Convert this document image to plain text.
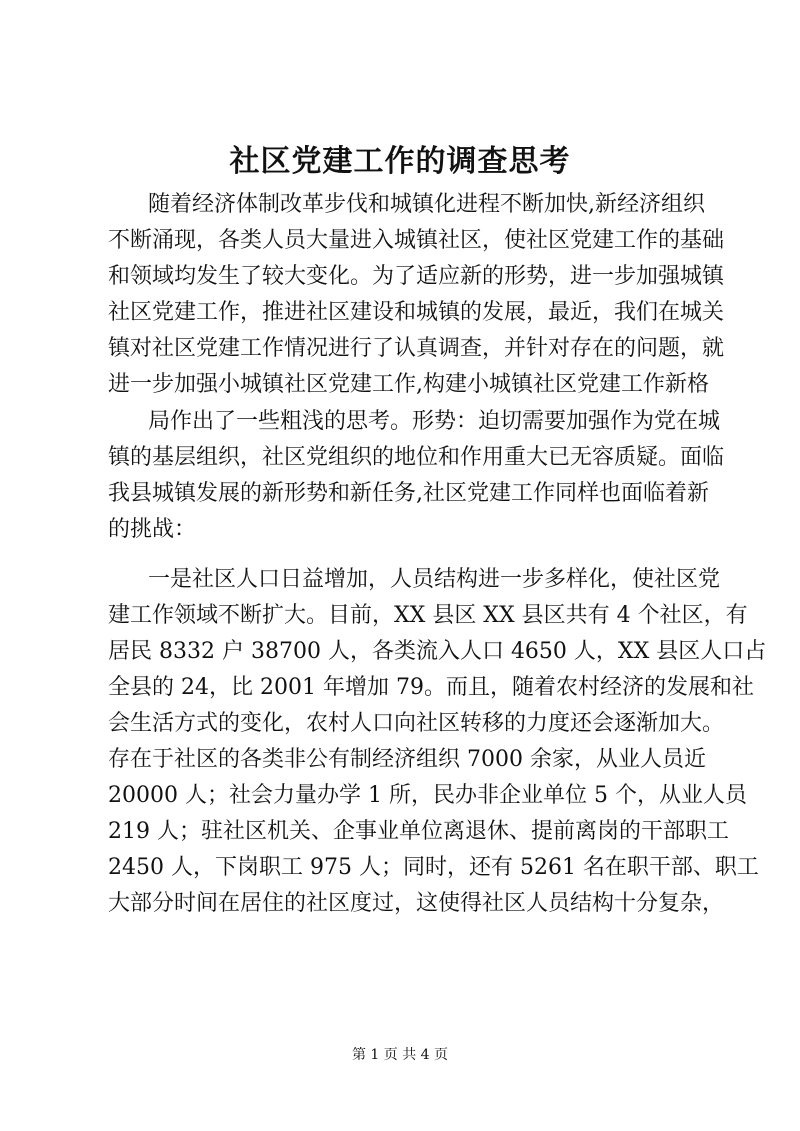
社区党建工作的调查思考

随着经济体制改革步伐和城镇化进程不断加快,新经济组织

不断涌现，各类人员大量进入城镇社区，使社区党建工作的基础

和领域均发生了较大变化。为了适应新的形势，进一步加强城镇

社区党建工作，推进社区建设和城镇的发展，最近，我们在城关

镇对社区党建工作情况进行了认真调查，并针对存在的问题，就

进一步加强小城镇社区党建工作,构建小城镇社区党建工作新格

局作出了一些粗浅的思考。形势：迫切需要加强作为党在城

镇的基层组织，社区党组织的地位和作用重大已无容质疑。面临

我县城镇发展的新形势和新任务,社区党建工作同样也面临着新

的挑战：

一是社区人口日益增加，人员结构进一步多样化，使社区党

建工作领域不断扩大。目前，XX 县区 XX 县区共有 4 个社区，有

居民 8332 户 38700 人，各类流入人口 4650 人，XX 县区人口占

全县的 24，比 2001 年增加 79。而且，随着农村经济的发展和社

会生活方式的变化，农村人口向社区转移的力度还会逐渐加大。

存在于社区的各类非公有制经济组织 7000 余家，从业人员近

20000 人；社会力量办学 1 所，民办非企业单位 5 个，从业人员

219 人；驻社区机关、企事业单位离退休、提前离岗的干部职工

2450 人，下岗职工 975 人；同时，还有 5261 名在职干部、职工

大部分时间在居住的社区度过，这使得社区人员结构十分复杂，

第 1 页 共 4 页
